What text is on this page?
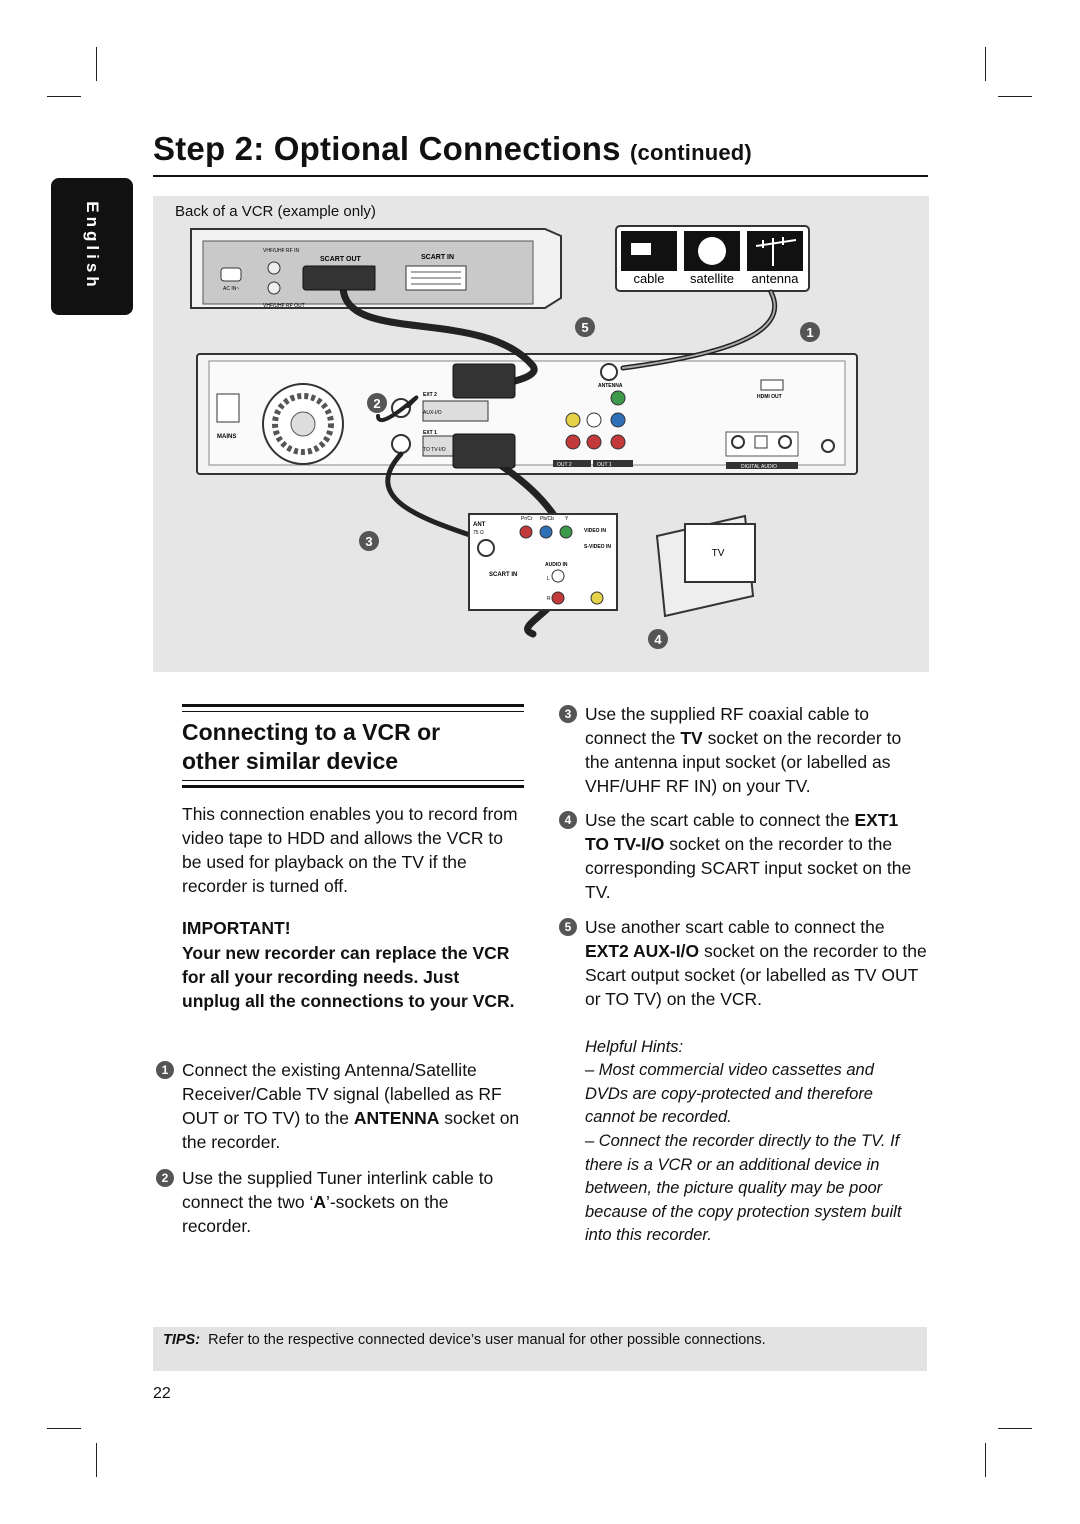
Step 2: Optional Connections (continued)
English	Back of a VCR (example only)
AC IN~
VHF/UHF RF IN
VHF/UHF RF OUT
SCART OUT	SCART IN
cable satellite antenna
MAINS
EXT 2
AUX-I/O
EXT 1
TO TV-I/O
ANTENNA
OUT 2	OUT 1
HDMI OUT
DIGITAL AUDIO
ANT
75 Ω
Pr/Cr Pb/Cb Y
VIDEO IN
S-VIDEO IN
AUDIO IN
SCART IN
L
R
TV
5	1
2
3
4
Connecting to a VCR or
other similar device

This connection enables you to record from video tape to HDD and allows the VCR to be used for playback on the TV if the recorder is turned off.

IMPORTANT!

Your new recorder can replace the VCR for all your recording needs. Just unplug all the connections to your VCR.

1 Connect the existing Antenna/Satellite Receiver/Cable TV signal (labelled as RF OUT or TO TV) to the ANTENNA socket on the recorder.

2 Use the supplied Tuner interlink cable to connect the two ‘A’-sockets on the recorder.

3 Use the supplied RF coaxial cable to connect the TV socket on the recorder to the antenna input socket (or labelled as VHF/UHF RF IN) on your TV.

4 Use the scart cable to connect the EXT1 TO TV-I/O socket on the recorder to the corresponding SCART input socket on the TV.

5 Use another scart cable to connect the EXT2 AUX-I/O socket on the recorder to the Scart output socket (or labelled as TV OUT or TO TV) on the VCR.

Helpful Hints:

– Most commercial video cassettes and DVDs are copy-protected and therefore cannot be recorded.

– Connect the recorder directly to the TV. If there is a VCR or an additional device in between, the picture quality may be poor because of the copy protection system built into this recorder.

TIPS: Refer to the respective connected device’s user manual for other possible connections.

22
